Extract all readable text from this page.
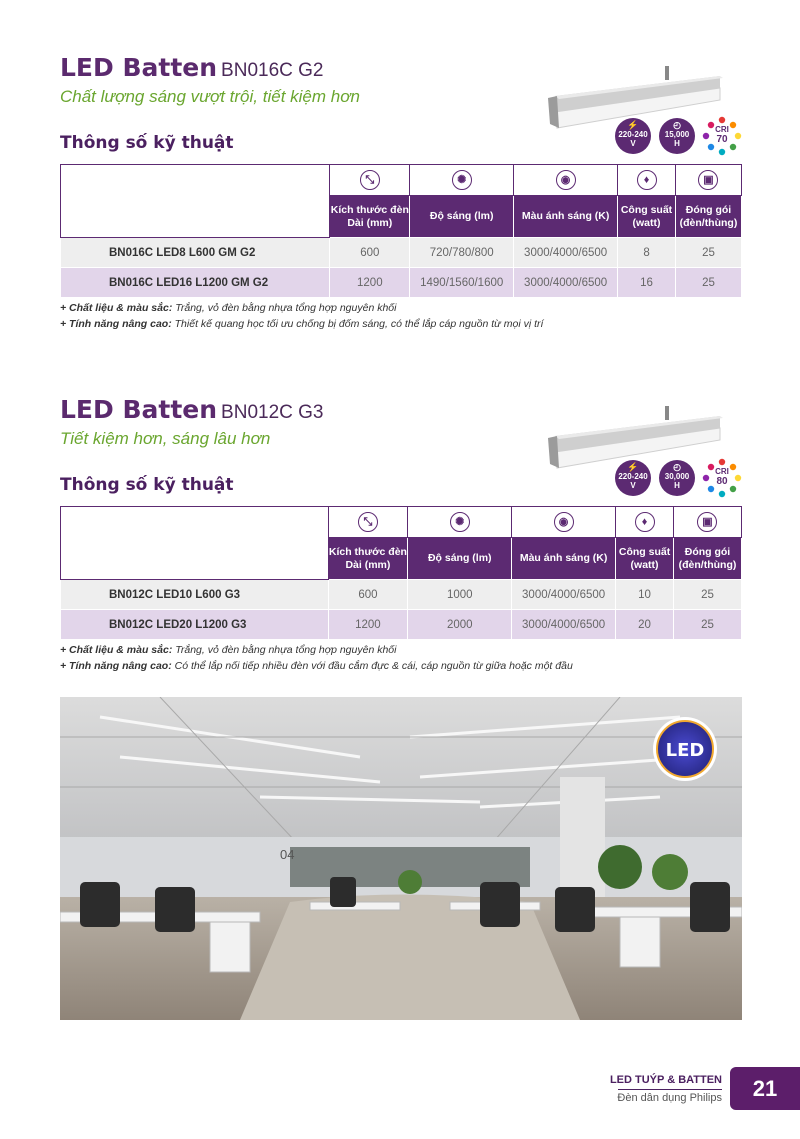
LED Batten BN016C G2
Chất lượng sáng vượt trội, tiết kiệm hơn
Thông số kỹ thuật
⚡
220-240
V
◴
15,000
H
CRI
70
MÔ TẢ SẢN PHẨM	⤡	✺	◉	♦	▣
	Kích thước đèn Dài (mm)	Độ sáng (lm)	Màu ánh sáng (K)	Công suất (watt)	Đóng gói (đèn/thùng)
BN016C LED8 L600 GM G2	600	720/780/800	3000/4000/6500	8	25
BN016C LED16 L1200 GM G2	1200	1490/1560/1600	3000/4000/6500	16	25
+ Chất liệu & màu sắc: Trắng, vỏ đèn bằng nhựa tổng hợp nguyên khối
+ Tính năng nâng cao: Thiết kế quang học tối ưu chống bị đốm sáng, có thể lắp cáp nguồn từ mọi vị trí
LED Batten BN012C G3
Tiết kiệm hơn, sáng lâu hơn
Thông số kỹ thuật
⚡
220-240
V
◴
30,000
H
CRI
80
MÔ TẢ SẢN PHẨM	⤡	✺	◉	♦	▣
	Kích thước đèn Dài (mm)	Độ sáng (lm)	Màu ánh sáng (K)	Công suất (watt)	Đóng gói (đèn/thùng)
BN012C LED10 L600 G3	600	1000	3000/4000/6500	10	25
BN012C LED20 L1200 G3	1200	2000	3000/4000/6500	20	25
+ Chất liệu & màu sắc: Trắng, vỏ đèn bằng nhựa tổng hợp nguyên khối
+ Tính năng nâng cao: Có thể lắp nối tiếp nhiều đèn với đầu cắm đực & cái, cáp nguồn từ giữa hoặc một đầu
04
LED
LED TUÝP & BATTEN
Đèn dân dụng Philips	21
